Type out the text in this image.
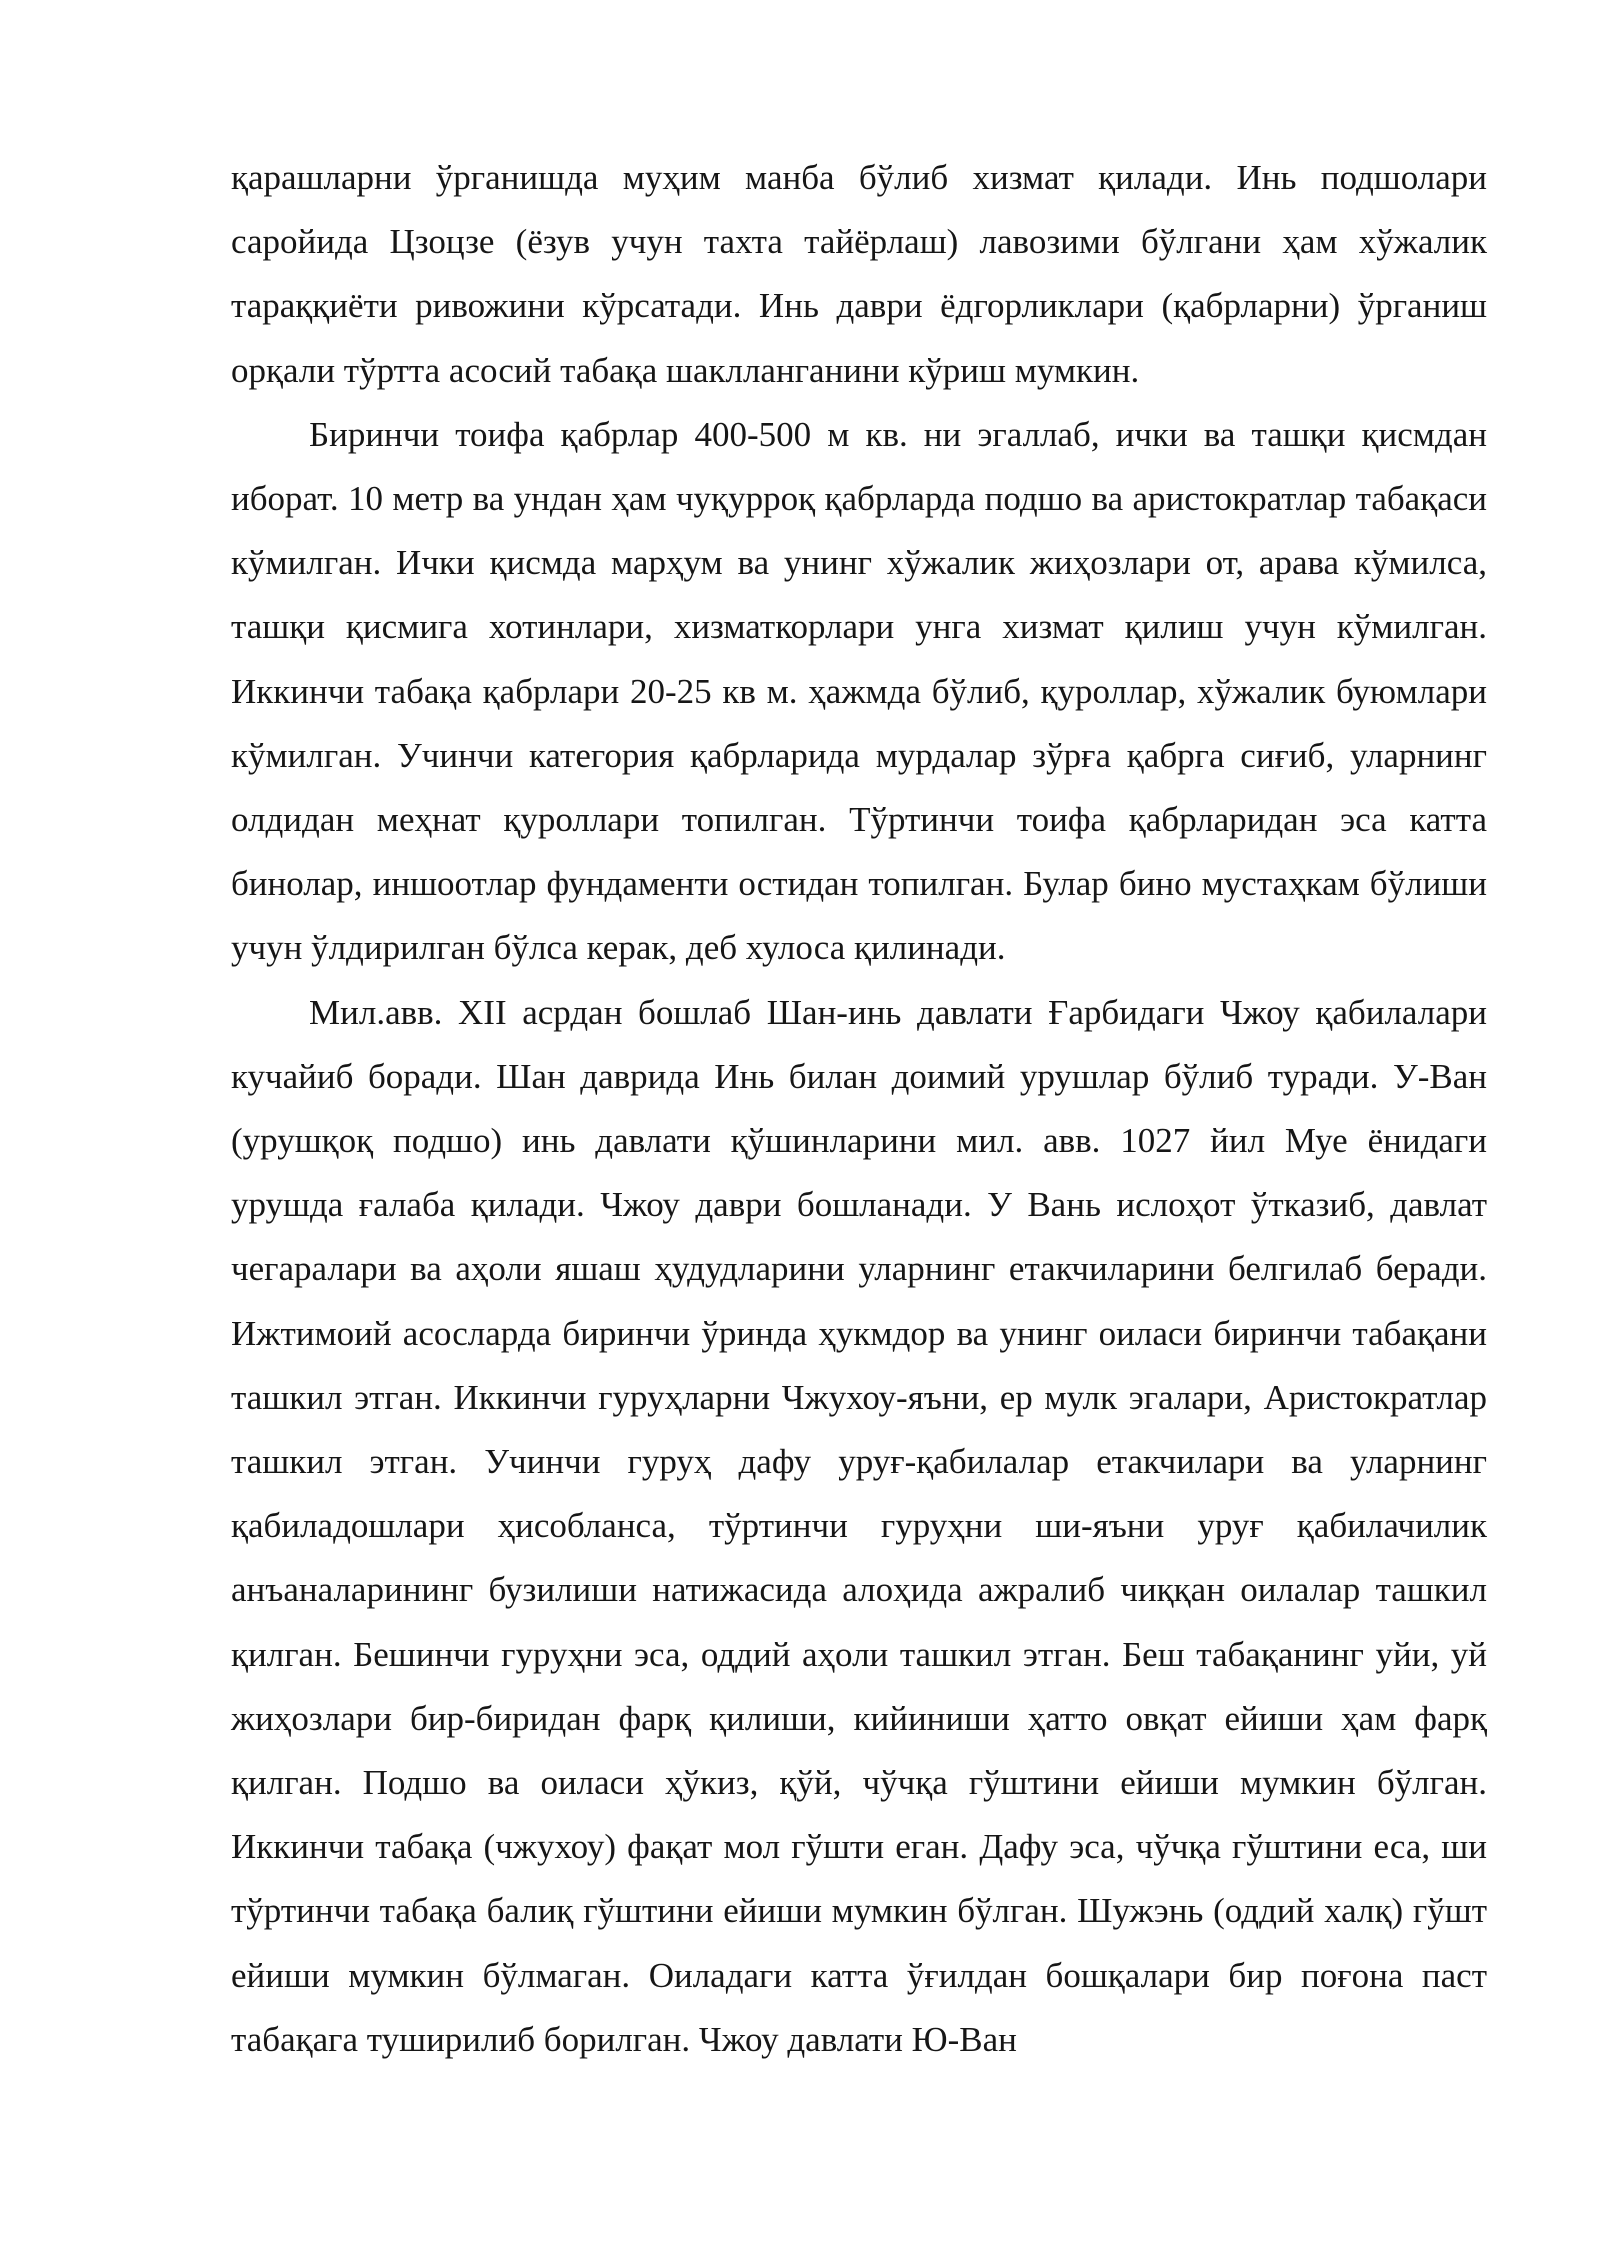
қарашларни ўрганишда муҳим манба бўлиб хизмат қилади. Инь подшолари саройида Цзоцзе (ёзув учун тахта тайёрлаш) лавозими бўлгани ҳам хўжалик тараққиёти ривожини кўрсатади. Инь даври ёдгорликлари (қабрларни) ўрганиш орқали тўртта асосий табақа шаклланганини кўриш мумкин.

Биринчи тоифа қабрлар 400-500 м кв. ни эгаллаб, ички ва ташқи қисмдан иборат. 10 метр ва ундан ҳам чуқурроқ қабрларда подшо ва аристократлар табақаси кўмилган. Ички қисмда марҳум ва унинг хўжалик жиҳозлари от, арава кўмилса, ташқи қисмига хотинлари, хизматкорлари унга хизмат қилиш учун кўмилган. Иккинчи табақа қабрлари 20-25 кв м. ҳажмда бўлиб, қуроллар, хўжалик буюмлари кўмилган. Учинчи категория қабрларида мурдалар зўрға қабрга сиғиб, уларнинг олдидан меҳнат қуроллари топилган. Тўртинчи тоифа қабрларидан эса катта бинолар, иншоотлар фундаменти остидан топилган. Булар бино мустаҳкам бўлиши учун ўлдирилган бўлса керак, деб хулоса қилинади.

Мил.авв. XII асрдан бошлаб Шан-инь давлати Ғарбидаги Чжоу қабилалари кучайиб боради. Шан даврида Инь билан доимий урушлар бўлиб туради. У-Ван (урушқоқ подшо) инь давлати қўшинларини мил. авв. 1027 йил Муе ёнидаги урушда ғалаба қилади. Чжоу даври бошланади. У Вань ислоҳот ўтказиб, давлат чегаралари ва аҳоли яшаш ҳудудларини уларнинг етакчиларини белгилаб беради. Ижтимоий асосларда биринчи ўринда ҳукмдор ва унинг оиласи биринчи табақани ташкил этган. Иккинчи гуруҳларни Чжухоу-яъни, ер мулк эгалари, Аристократлар ташкил этган. Учинчи гуруҳ дафу уруғ-қабилалар етакчилари ва уларнинг қабиладошлари ҳисобланса, тўртинчи гуруҳни ши-яъни уруғ қабилачилик анъаналарининг бузилиши натижасида алоҳида ажралиб чиққан оилалар ташкил қилган. Бешинчи гуруҳни эса, оддий аҳоли ташкил этган. Беш табақанинг уйи, уй жиҳозлари бир-биридан фарқ қилиши, кийиниши ҳатто овқат ейиши ҳам фарқ қилган. Подшо ва оиласи ҳўкиз, қўй, чўчқа гўштини ейиши мумкин бўлган. Иккинчи табақа (чжухоу) фақат мол гўшти еган. Дафу эса, чўчқа гўштини еса, ши тўртинчи табақа балиқ гўштини ейиши мумкин бўлган. Шужэнь (оддий халқ) гўшт ейиши мумкин бўлмаган. Оиладаги катта ўғилдан бошқалари бир поғона паст табақага туширилиб борилган. Чжоу давлати Ю-Ван
